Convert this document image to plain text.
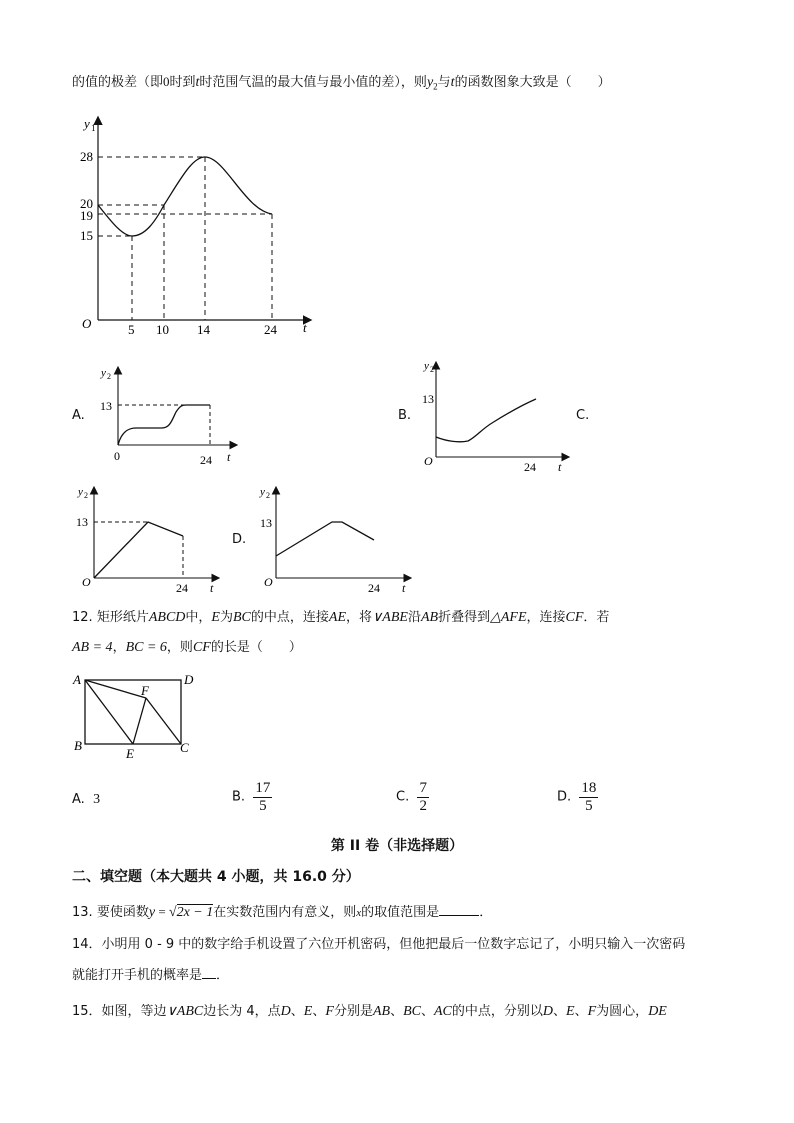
的值的极差（即0时到t时范围气温的最大值与最小值的差），则$y_2$与t的函数图象大致是（　　）
y 1
t
O
28
20
19
15
5 10 14	24
A.
y 2
13
0	24 t
B.
y 2
13
O	24 t
C.
y 2
13
O	24 t
D.
y 2
13
O	24 t
12. 矩形纸片ABCD中，E为BC的中点，连接AE，将∨ABE沿AB折叠得到△AFE，连接CF．若
AB = 4，BC = 6，则CF的长是（　　）
A	D
B	C
E
F
A. 3	B. $\frac{17}{5}$	C. $\frac{7}{2}$	D. $\frac{18}{5}$
第 II 卷（非选择题）
二、填空题（本大题共 4 小题，共 16.0 分）
13. 要使函数y = √2x − 1在实数范围内有意义，则x的取值范围是	．
14．小明用 0 - 9 中的数字给手机设置了六位开机密码，但他把最后一位数字忘记了，小明只输入一次密码
就能打开手机的概率是 ．
15．如图，等边∨ABC边长为 4，点D、E、F分别是AB、BC、AC的中点，分别以D、E、F为圆心，DE
